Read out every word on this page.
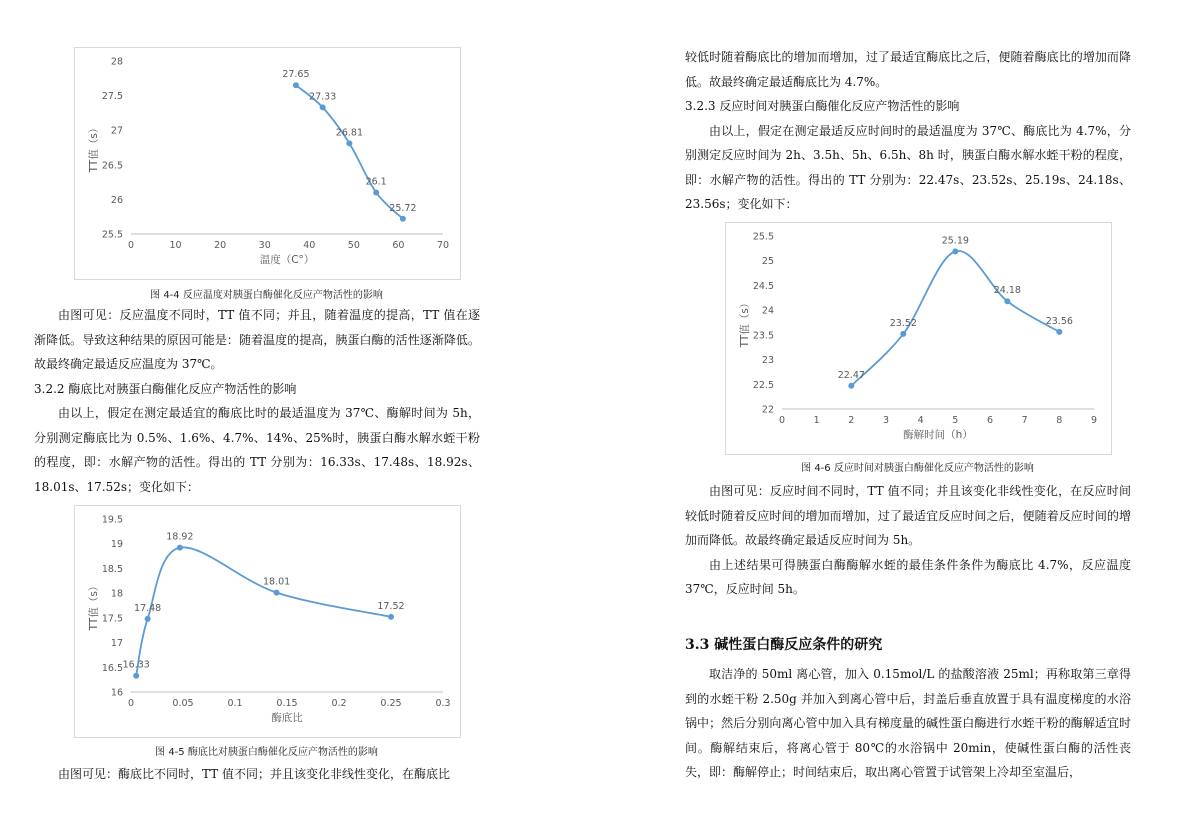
25.5
26
26.5
27
27.5
28
0	10	20	30	40	50	60	70
温度（C°）
TT值（s）
27.65
27.33
26.81
26.1
25.72
图 4-4 反应温度对胰蛋白酶催化反应产物活性的影响

由图可见：反应温度不同时，TT 值不同；并且，随着温度的提高，TT 值在逐渐降低。导致这种结果的原因可能是：随着温度的提高，胰蛋白酶的活性逐渐降低。故最终确定最适反应温度为 37℃。

3.2.2 酶底比对胰蛋白酶催化反应产物活性的影响

由以上，假定在测定最适宜的酶底比时的最适温度为 37℃、酶解时间为 5h，分别测定酶底比为 0.5%、1.6%、4.7%、14%、25%时，胰蛋白酶水解水蛭干粉的程度，即：水解产物的活性。得出的 TT 分别为：16.33s、17.48s、18.92s、18.01s、17.52s；变化如下：

16
16.5
17
17.5
18
18.5
19
19.5
0	0.05	0.1	0.15	0.2	0.25	0.3
酶底比
TT值（s）
16.33
17.48
18.92
18.01
17.52
图 4-5 酶底比对胰蛋白酶催化反应产物活性的影响

由图可见：酶底比不同时，TT 值不同；并且该变化非线性变化，在酶底比

较低时随着酶底比的增加而增加，过了最适宜酶底比之后，便随着酶底比的增加而降低。故最终确定最适酶底比为 4.7%。

3.2.3 反应时间对胰蛋白酶催化反应产物活性的影响

由以上，假定在测定最适反应时间时的最适温度为 37℃、酶底比为 4.7%，分别测定反应时间为 2h、3.5h、5h、6.5h、8h 时，胰蛋白酶水解水蛭干粉的程度，即：水解产物的活性。得出的 TT 分别为：22.47s、23.52s、25.19s、24.18s、23.56s；变化如下：

22
22.5
23
23.5
24
24.5
25
25.5
0	1	2	3	4	5	6	7	8	9
酶解时间（h）
TT值（s）
22.47
23.52
25.19
24.18
23.56
图 4-6 反应时间对胰蛋白酶催化反应产物活性的影响

由图可见：反应时间不同时，TT 值不同；并且该变化非线性变化，在反应时间较低时随着反应时间的增加而增加，过了最适宜反应时间之后，便随着反应时间的增加而降低。故最终确定最适反应时间为 5h。

由上述结果可得胰蛋白酶酶解水蛭的最佳条件条件为酶底比 4.7%，反应温度 37℃，反应时间 5h。

3.3 碱性蛋白酶反应条件的研究

取洁净的 50ml 离心管，加入 0.15mol/L 的盐酸溶液 25ml；再称取第三章得到的水蛭干粉 2.50g 并加入到离心管中后，封盖后垂直放置于具有温度梯度的水浴锅中；然后分别向离心管中加入具有梯度量的碱性蛋白酶进行水蛭干粉的酶解适宜时间。酶解结束后，将离心管于 80℃的水浴锅中 20min，使碱性蛋白酶的活性丧失，即：酶解停止；时间结束后，取出离心管置于试管架上冷却至室温后，
